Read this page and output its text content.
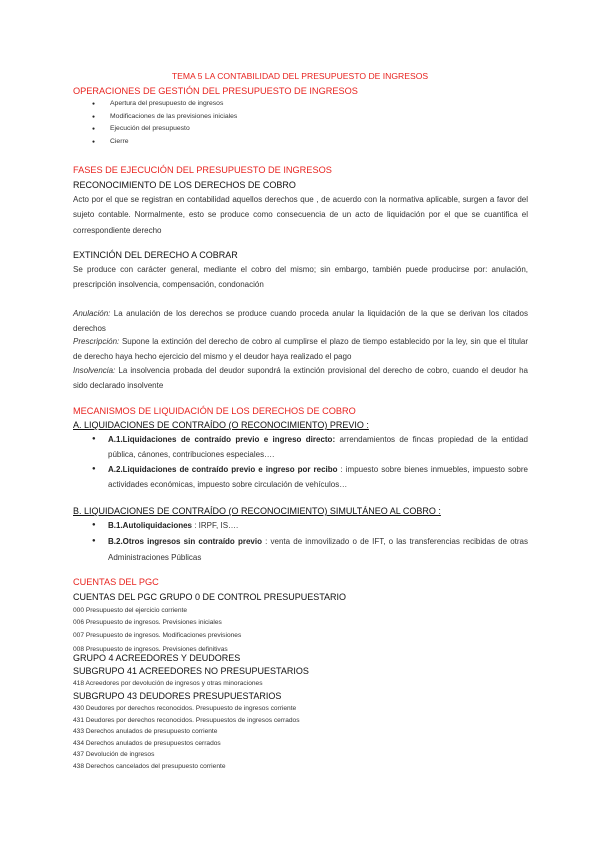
TEMA 5 LA CONTABILIDAD DEL PRESUPUESTO DE INGRESOS
OPERACIONES DE GESTIÓN DEL PRESUPUESTO DE INGRESOS
● Apertura del presupuesto de ingresos
● Modificaciones de las previsiones iniciales
● Ejecución del presupuesto
● Cierre
FASES DE EJECUCIÓN DEL PRESUPUESTO DE INGRESOS
RECONOCIMIENTO DE LOS DERECHOS DE COBRO
Acto por el que se registran en contabilidad aquellos derechos que , de acuerdo con la normativa aplicable, surgen a favor del sujeto contable. Normalmente, esto se produce como consecuencia de un acto de liquidación por el que se cuantifica el correspondiente derecho
EXTINCIÓN DEL DERECHO A COBRAR
Se produce con carácter general, mediante el cobro del mismo; sin embargo, también puede producirse por: anulación, prescripción insolvencia, compensación, condonación
Anulación: La anulación de los derechos se produce cuando proceda anular la liquidación de la que se derivan los citados derechos
Prescripción: Supone la extinción del derecho de cobro al cumplirse el plazo de tiempo establecido por la ley, sin que el titular de derecho haya hecho ejercicio del mismo y el deudor haya realizado el pago
Insolvencia: La insolvencia probada del deudor supondrá la extinción provisional del derecho de cobro, cuando el deudor ha sido declarado insolvente
MECANISMOS DE LIQUIDACIÓN DE LOS DERECHOS DE COBRO
A. LIQUIDACIONES DE CONTRAÍDO (O RECONOCIMIENTO) PREVIO :
● A.1.Liquidaciones de contraído previo e ingreso directo: arrendamientos de fincas propiedad de la entidad pública, cánones, contribuciones especiales….
● A.2.Liquidaciones de contraído previo e ingreso por recibo : impuesto sobre bienes inmuebles, impuesto sobre actividades económicas, impuesto sobre circulación de vehículos…
B. LIQUIDACIONES DE CONTRAÍDO (O RECONOCIMIENTO) SIMULTÁNEO AL COBRO :
● B.1.Autoliquidaciones : IRPF, IS….
● B.2.Otros ingresos sin contraído previo : venta de inmovilizado o de IFT, o las transferencias recibidas de otras Administraciones Públicas
CUENTAS DEL PGC
CUENTAS DEL PGC GRUPO 0 DE CONTROL PRESUPUESTARIO
000 Presupuesto del ejercicio corriente
006 Presupuesto de ingresos. Previsiones iniciales
007 Presupuesto de ingresos. Modificaciones previsiones
008 Presupuesto de ingresos. Previsiones definitivas
GRUPO 4 ACREEDORES Y DEUDORES
SUBGRUPO 41 ACREEDORES NO PRESUPUESTARIOS
418 Acreedores por devolución de ingresos y otras minoraciones
SUBGRUPO 43 DEUDORES PRESUPUESTARIOS
430 Deudores por derechos reconocidos. Presupuesto de ingresos corriente
431 Deudores por derechos reconocidos. Presupuestos de ingresos cerrados
433 Derechos anulados de presupuesto corriente
434 Derechos anulados de presupuestos cerrados
437 Devolución de ingresos
438 Derechos cancelados del presupuesto corriente
